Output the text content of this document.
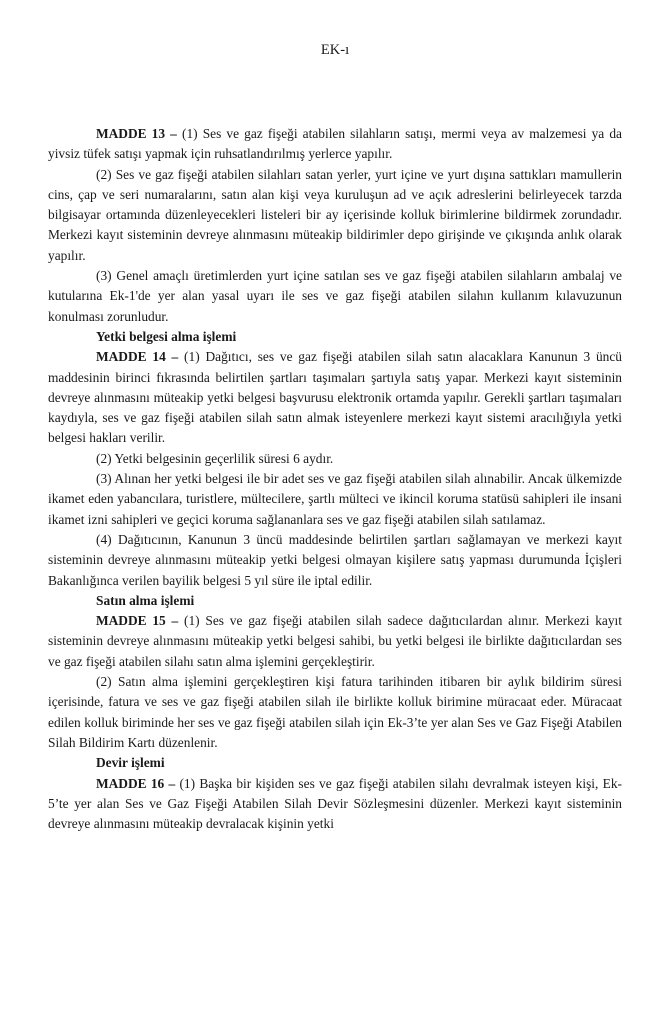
EK-ı

MADDE 13 – (1) Ses ve gaz fişeği atabilen silahların satışı, mermi veya av malzemesi ya da yivsiz tüfek satışı yapmak için ruhsatlandırılmış yerlerce yapılır.

(2) Ses ve gaz fişeği atabilen silahları satan yerler, yurt içine ve yurt dışına sattıkları mamullerin cins, çap ve seri numaralarını, satın alan kişi veya kuruluşun ad ve açık adreslerini belirleyecek tarzda bilgisayar ortamında düzenleyecekleri listeleri bir ay içerisinde kolluk birimlerine bildirmek zorundadır. Merkezi kayıt sisteminin devreye alınmasını müteakip bildirimler depo girişinde ve çıkışında anlık olarak yapılır.

(3) Genel amaçlı üretimlerden yurt içine satılan ses ve gaz fişeği atabilen silahların ambalaj ve kutularına Ek-1'de yer alan yasal uyarı ile ses ve gaz fişeği atabilen silahın kullanım kılavuzunun konulması zorunludur.

Yetki belgesi alma işlemi

MADDE 14 – (1) Dağıtıcı, ses ve gaz fişeği atabilen silah satın alacaklara Kanunun 3 üncü maddesinin birinci fıkrasında belirtilen şartları taşımaları şartıyla satış yapar. Merkezi kayıt sisteminin devreye alınmasını müteakip yetki belgesi başvurusu elektronik ortamda yapılır. Gerekli şartları taşımaları kaydıyla, ses ve gaz fişeği atabilen silah satın almak isteyenlere merkezi kayıt sistemi aracılığıyla yetki belgesi hakları verilir.

(2) Yetki belgesinin geçerlilik süresi 6 aydır.

(3) Alınan her yetki belgesi ile bir adet ses ve gaz fişeği atabilen silah alınabilir. Ancak ülkemizde ikamet eden yabancılara, turistlere, mültecilere, şartlı mülteci ve ikincil koruma statüsü sahipleri ile insani ikamet izni sahipleri ve geçici koruma sağlananlara ses ve gaz fişeği atabilen silah satılamaz.

(4) Dağıtıcının, Kanunun 3 üncü maddesinde belirtilen şartları sağlamayan ve merkezi kayıt sisteminin devreye alınmasını müteakip yetki belgesi olmayan kişilere satış yapması durumunda İçişleri Bakanlığınca verilen bayilik belgesi 5 yıl süre ile iptal edilir.

Satın alma işlemi

MADDE 15 – (1) Ses ve gaz fişeği atabilen silah sadece dağıtıcılardan alınır. Merkezi kayıt sisteminin devreye alınmasını müteakip yetki belgesi sahibi, bu yetki belgesi ile birlikte dağıtıcılardan ses ve gaz fişeği atabilen silahı satın alma işlemini gerçekleştirir.

(2) Satın alma işlemini gerçekleştiren kişi fatura tarihinden itibaren bir aylık bildirim süresi içerisinde, fatura ve ses ve gaz fişeği atabilen silah ile birlikte kolluk birimine müracaat eder. Müracaat edilen kolluk biriminde her ses ve gaz fişeği atabilen silah için Ek-3’te yer alan Ses ve Gaz Fişeği Atabilen Silah Bildirim Kartı düzenlenir.

Devir işlemi

MADDE 16 – (1) Başka bir kişiden ses ve gaz fişeği atabilen silahı devralmak isteyen kişi, Ek-5’te yer alan Ses ve Gaz Fişeği Atabilen Silah Devir Sözleşmesini düzenler. Merkezi kayıt sisteminin devreye alınmasını müteakip devralacak kişinin yetki
